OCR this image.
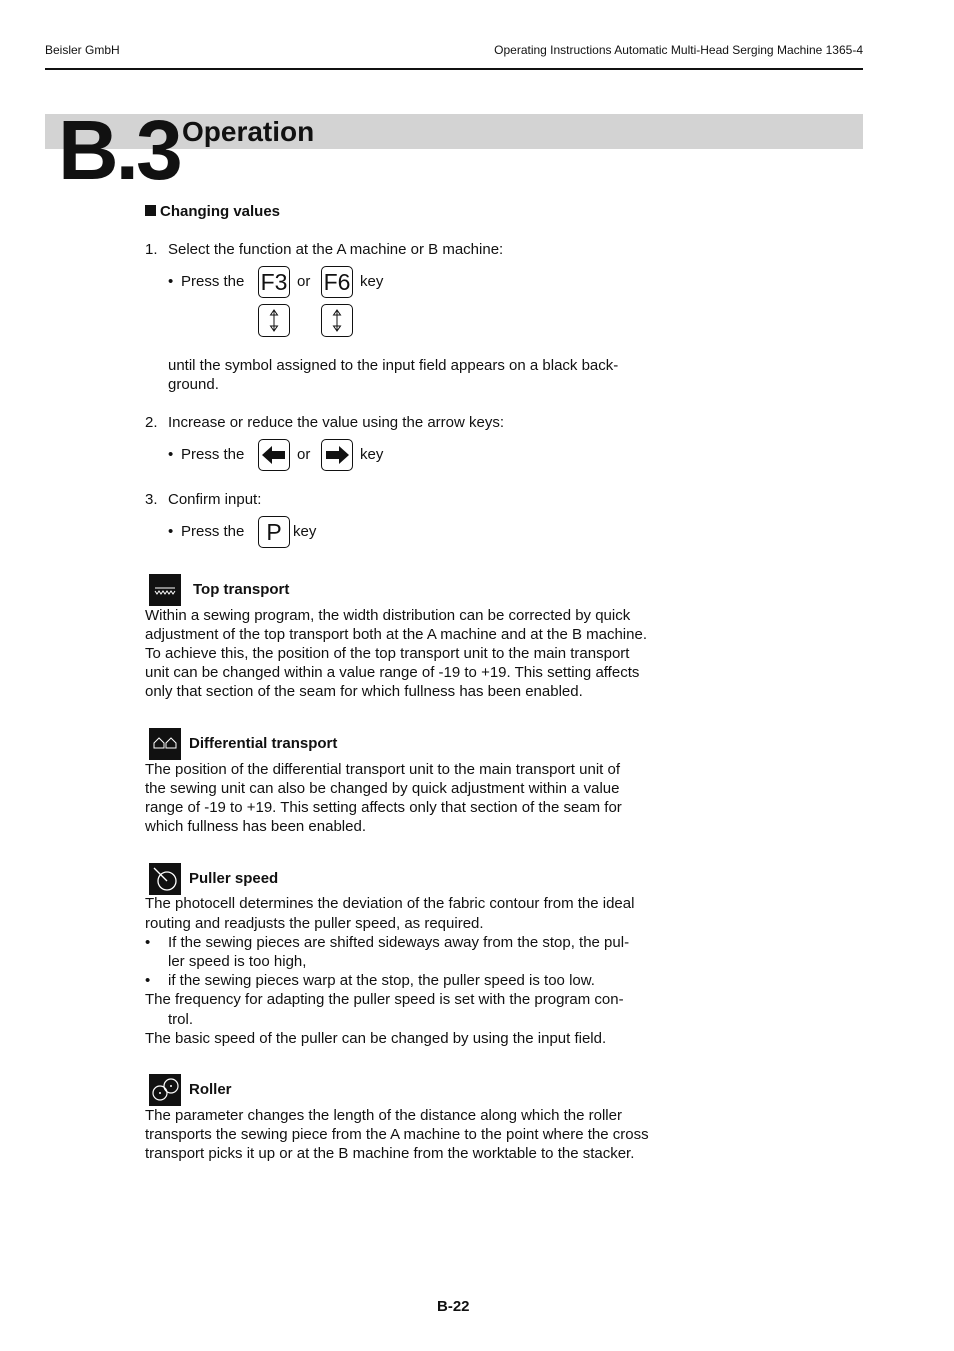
Beisler GmbH	Operating Instructions Automatic Multi-Head Serging Machine 1365-4
B.3 Operation
Changing values
1. Select the function at the A machine or B machine:
• Press the F3 or F6 key
until the symbol assigned to the input field appears on a black back-
ground.
2. Increase or reduce the value using the arrow keys:
• Press the	or	key
3. Confirm input:
• Press the P key
Top transport
Within a sewing program, the width distribution can be corrected by quick
adjustment of the top transport both at the A machine and at the B machine.
To achieve this, the position of the top transport unit to the main transport
unit can be changed within a value range of -19 to +19. This setting affects
only that section of the seam for which fullness has been enabled.
Differential transport
The position of the differential transport unit to the main transport unit of
the sewing unit can also be changed by quick adjustment within a value
range of -19 to +19. This setting affects only that section of the seam for
which fullness has been enabled.
Puller speed
The photocell determines the deviation of the fabric contour from the ideal
routing and readjusts the puller speed, as required.
• If the sewing pieces are shifted sideways away from the stop, the pul-
ler speed is too high,
• if the sewing pieces warp at the stop, the puller speed is too low.
The frequency for adapting the puller speed is set with the program con-
trol.
The basic speed of the puller can be changed by using the input field.
Roller
The parameter changes the length of the distance along which the roller
transports the sewing piece from the A machine to the point where the cross
transport picks it up or at the B machine from the worktable to the stacker.
B-22
